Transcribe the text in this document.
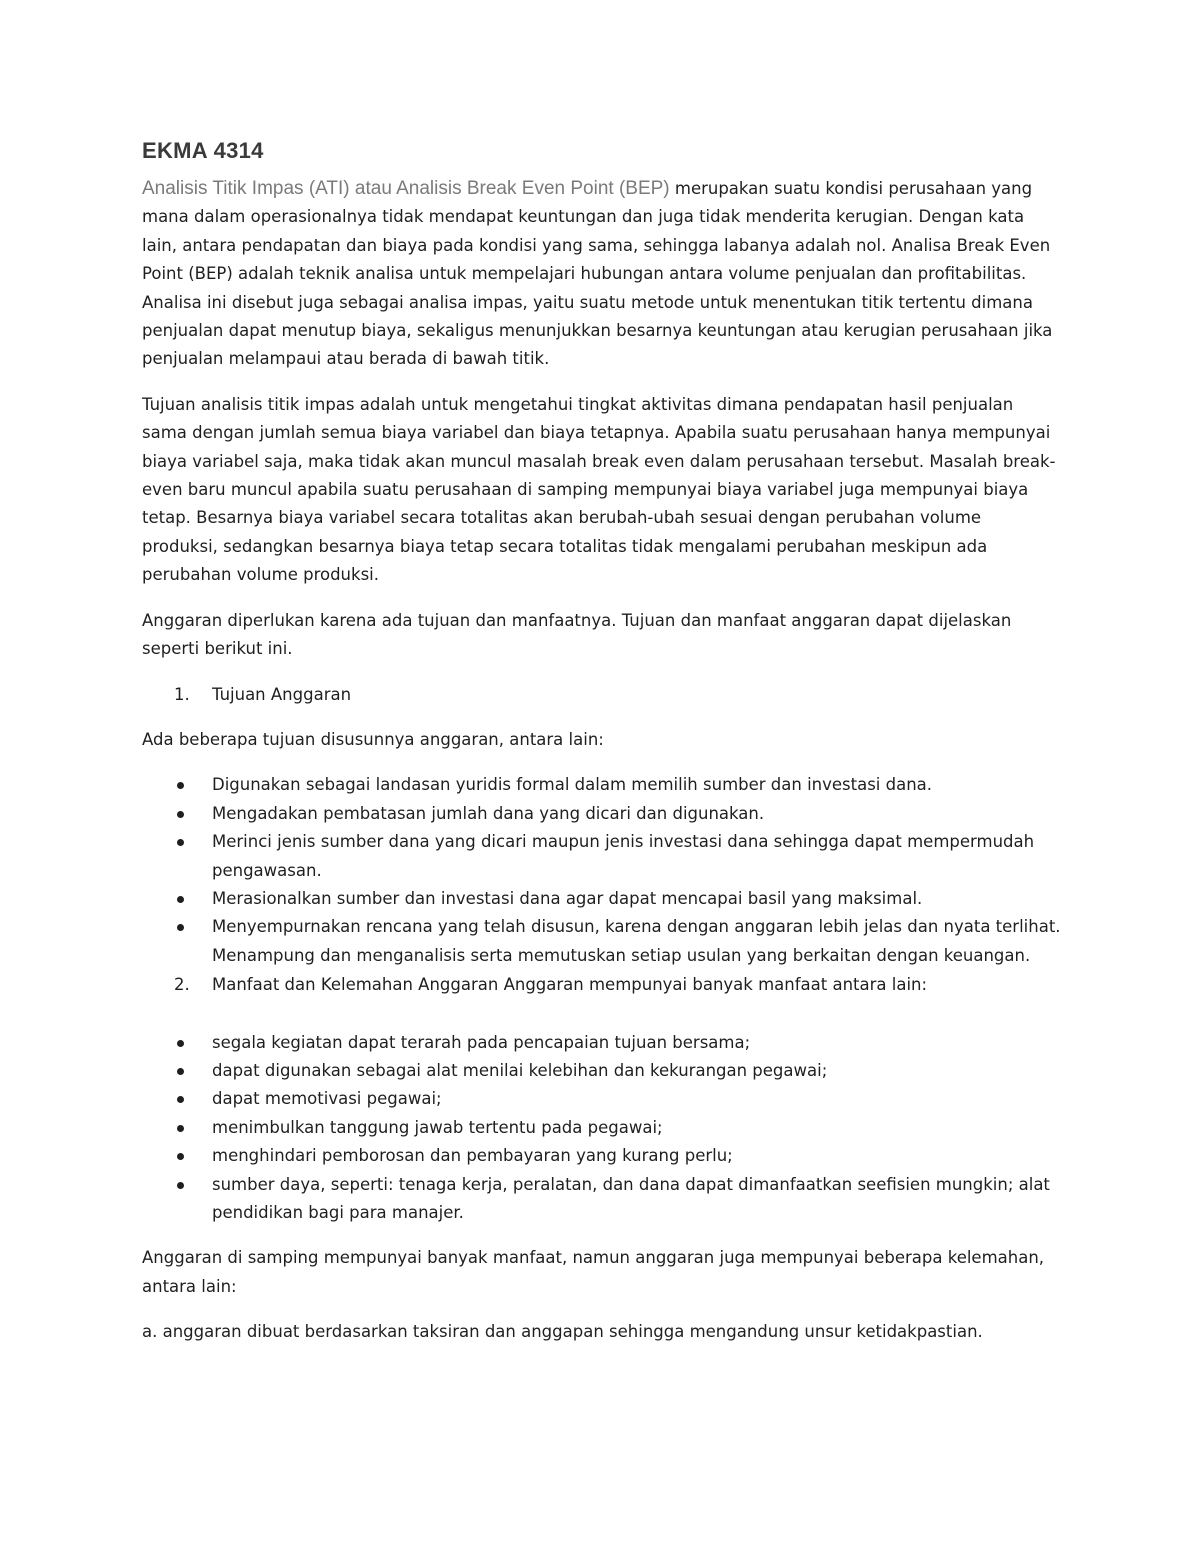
EKMA 4314

Analisis Titik Impas (ATI) atau Analisis Break Even Point (BEP) merupakan suatu kondisi perusahaan yang mana dalam operasionalnya tidak mendapat keuntungan dan juga tidak menderita kerugian. Dengan kata lain, antara pendapatan dan biaya pada kondisi yang sama, sehingga labanya adalah nol. Analisa Break Even Point (BEP) adalah teknik analisa untuk mempelajari hubungan antara volume penjualan dan profitabilitas. Analisa ini disebut juga sebagai analisa impas, yaitu suatu metode untuk menentukan titik tertentu dimana penjualan dapat menutup biaya, sekaligus menunjukkan besarnya keuntungan atau kerugian perusahaan jika penjualan melampaui atau berada di bawah titik.

Tujuan analisis titik impas adalah untuk mengetahui tingkat aktivitas dimana pendapatan hasil penjualan sama dengan jumlah semua biaya variabel dan biaya tetapnya. Apabila suatu perusahaan hanya mempunyai biaya variabel saja, maka tidak akan muncul masalah break even dalam perusahaan tersebut. Masalah break-even baru muncul apabila suatu perusahaan di samping mempunyai biaya variabel juga mempunyai biaya tetap. Besarnya biaya variabel secara totalitas akan berubah-ubah sesuai dengan perubahan volume produksi, sedangkan besarnya biaya tetap secara totalitas tidak mengalami perubahan meskipun ada perubahan volume produksi.

Anggaran diperlukan karena ada tujuan dan manfaatnya. Tujuan dan manfaat anggaran dapat dijelaskan seperti berikut ini.

1. Tujuan Anggaran

Ada beberapa tujuan disusunnya anggaran, antara lain:

Digunakan sebagai landasan yuridis formal dalam memilih sumber dan investasi dana.
Mengadakan pembatasan jumlah dana yang dicari dan digunakan.
Merinci jenis sumber dana yang dicari maupun jenis investasi dana sehingga dapat mempermudah pengawasan.
Merasionalkan sumber dan investasi dana agar dapat mencapai basil yang maksimal.
Menyempurnakan rencana yang telah disusun, karena dengan anggaran lebih jelas dan nyata terlihat. Menampung dan menganalisis serta memutuskan setiap usulan yang berkaitan dengan keuangan.
2. Manfaat dan Kelemahan Anggaran Anggaran mempunyai banyak manfaat antara lain:
segala kegiatan dapat terarah pada pencapaian tujuan bersama;
dapat digunakan sebagai alat menilai kelebihan dan kekurangan pegawai;
dapat memotivasi pegawai;
menimbulkan tanggung jawab tertentu pada pegawai;
menghindari pemborosan dan pembayaran yang kurang perlu;
sumber daya, seperti: tenaga kerja, peralatan, dan dana dapat dimanfaatkan seefisien mungkin; alat pendidikan bagi para manajer.

Anggaran di samping mempunyai banyak manfaat, namun anggaran juga mempunyai beberapa kelemahan, antara lain:

a. anggaran dibuat berdasarkan taksiran dan anggapan sehingga mengandung unsur ketidakpastian.
